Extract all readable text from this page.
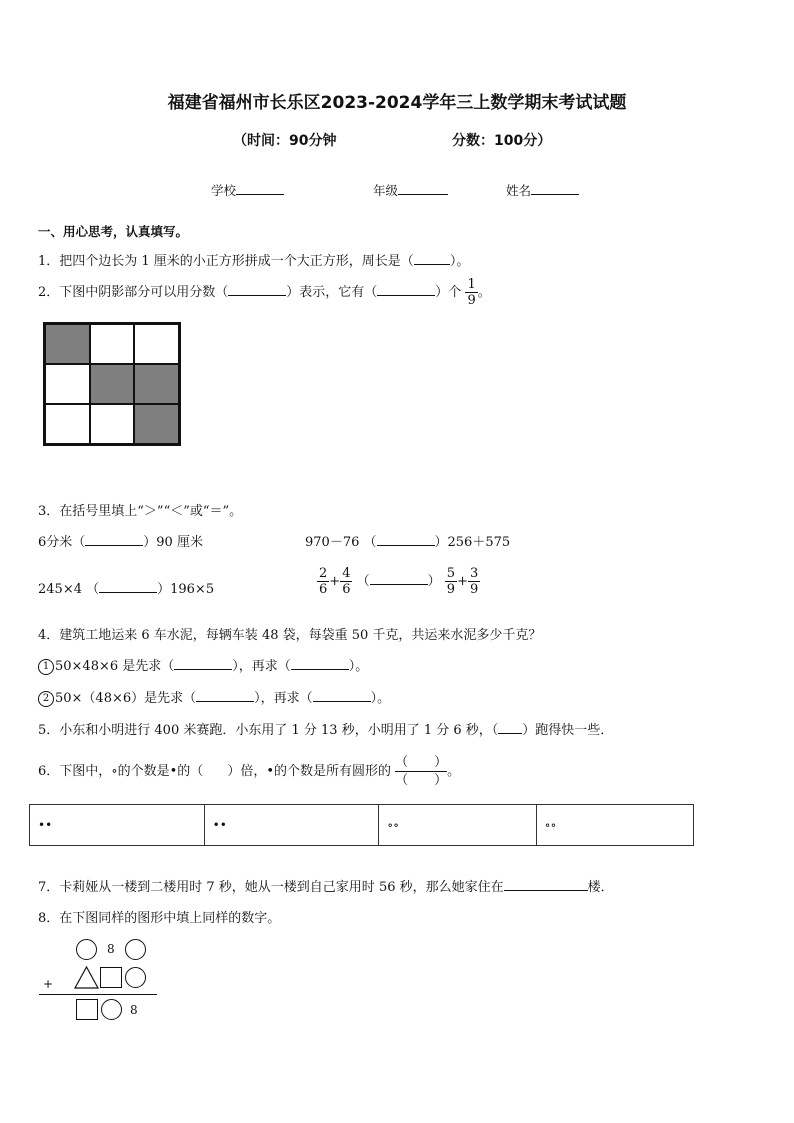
福建省福州市长乐区2023-2024学年三上数学期末考试试题
（时间：90分钟	分数：100分）
学校	年级	姓名
一、用心思考，认真填写。
1．把四个边长为 1 厘米的小正方形拼成一个大正方形，周长是（	）。
2．下图中阴影部分可以用分数（	）表示，它有（	）个 $\frac{1}{9}$ 。
3．在括号里填上“＞”“＜”或“＝”。
6分米（	）90 厘米	970－76 （	）256＋575
245×4 （	）196×5	$\frac{2}{6} + \frac{4}{6}$ （	） $\frac{5}{9} + \frac{3}{9}$
4．建筑工地运来 6 车水泥，每辆车装 48 袋，每袋重 50 千克，共运来水泥多少千克？
1 50×48×6 是先求（	），再求（	）。
2 50×（48×6）是先求（	），再求（	）。
5．小东和小明进行 400 米赛跑．小东用了 1 分 13 秒，小明用了 1 分 6 秒，（ ）跑得快一些．
6．下图中，∘的个数是•的（ ）倍，•的个数是所有圆形的 $\frac{( )}{( )}$ 。
••	••	∘∘	∘∘
7．卡莉娅从一楼到二楼用时 7 秒，她从一楼到自己家用时 56 秒，那么她家住在	楼．
8．在下图同样的图形中填上同样的数字。
8
+
8
